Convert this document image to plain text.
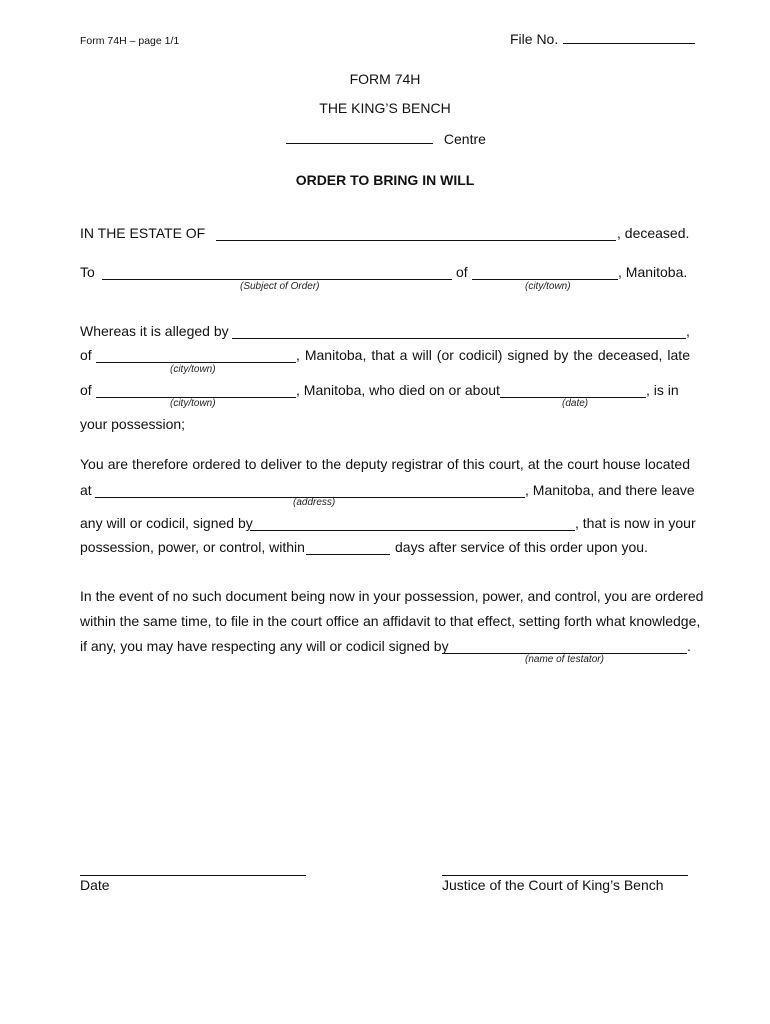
Form 74H – page 1/1	File No.
FORM 74H
THE KING’S BENCH
Centre
ORDER TO BRING IN WILL
IN THE ESTATE OF	, deceased.
To	of	, Manitoba.
(Subject of Order)	(city/town)
Whereas it is alleged by	,
of	, Manitoba, that a will (or codicil) signed by the deceased, late
(city/town)
of	, Manitoba, who died on or about	, is in
(city/town)	(date)
your possession;
You are therefore ordered to deliver to the deputy registrar of this court, at the court house located
at	, Manitoba, and there leave
(address)
any will or codicil, signed by	, that is now in your
possession, power, or control, within	days after service of this order upon you.
In the event of no such document being now in your possession, power, and control, you are ordered
within the same time, to file in the court office an affidavit to that effect, setting forth what knowledge,
if any, you may have respecting any will or codicil signed by	.
(name of testator)
Date	Justice of the Court of King’s Bench
